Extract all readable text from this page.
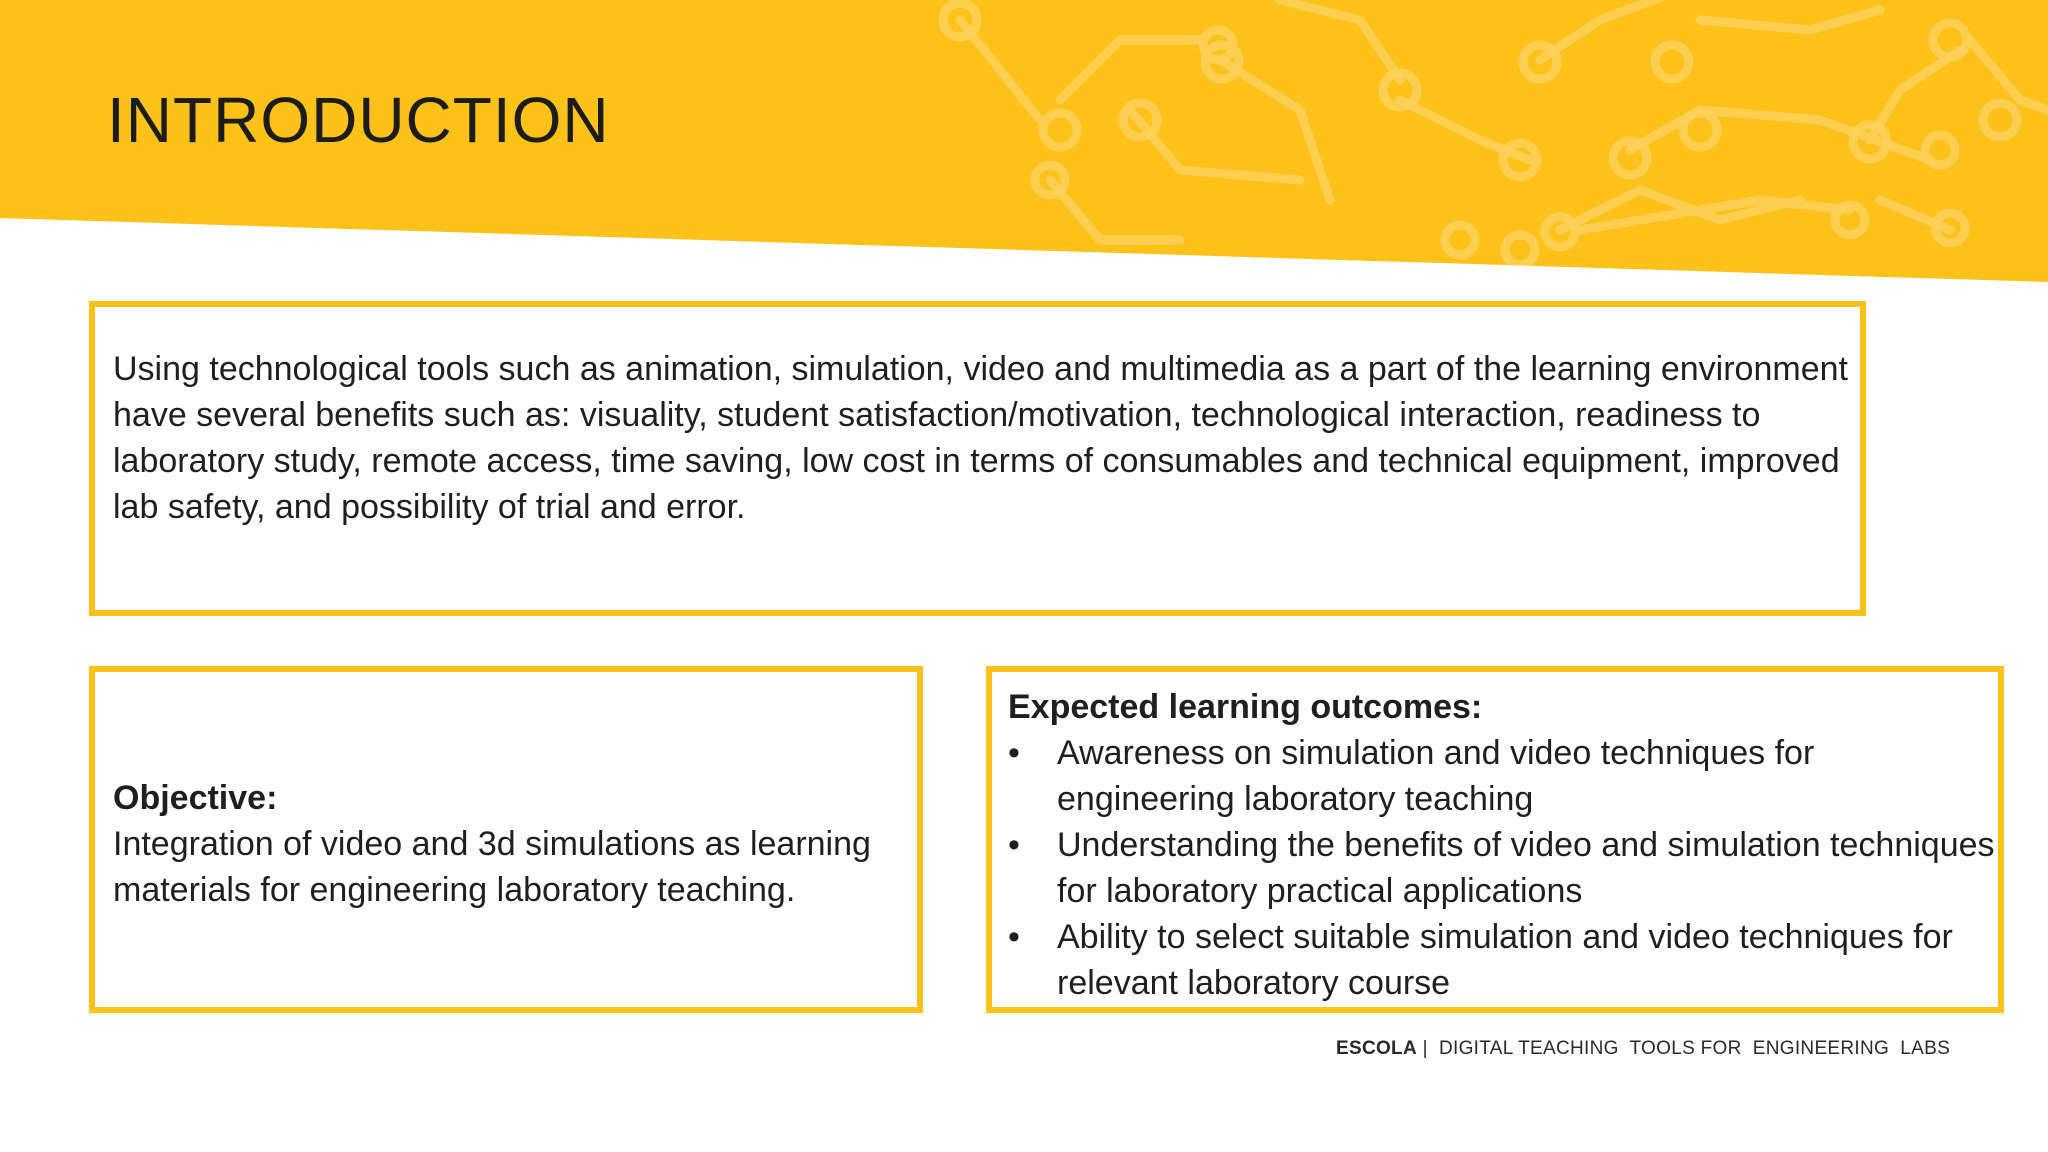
INTRODUCTION

Using technological tools such as animation, simulation, video and multimedia as a part of the learning environment have several benefits such as: visuality, student satisfaction/motivation, technological interaction, readiness to laboratory study, remote access, time saving, low cost in terms of consumables and technical equipment, improved lab safety, and possibility of trial and error.

Objective:
Integration of video and 3d simulations as learning materials for engineering laboratory teaching.
Expected learning outcomes:
• Awareness on simulation and video techniques for engineering laboratory teaching
• Understanding the benefits of video and simulation techniques for laboratory practical applications
• Ability to select suitable simulation and video techniques for relevant laboratory course
ESCOLA |  DIGITAL TEACHING  TOOLS FOR  ENGINEERING  LABS
